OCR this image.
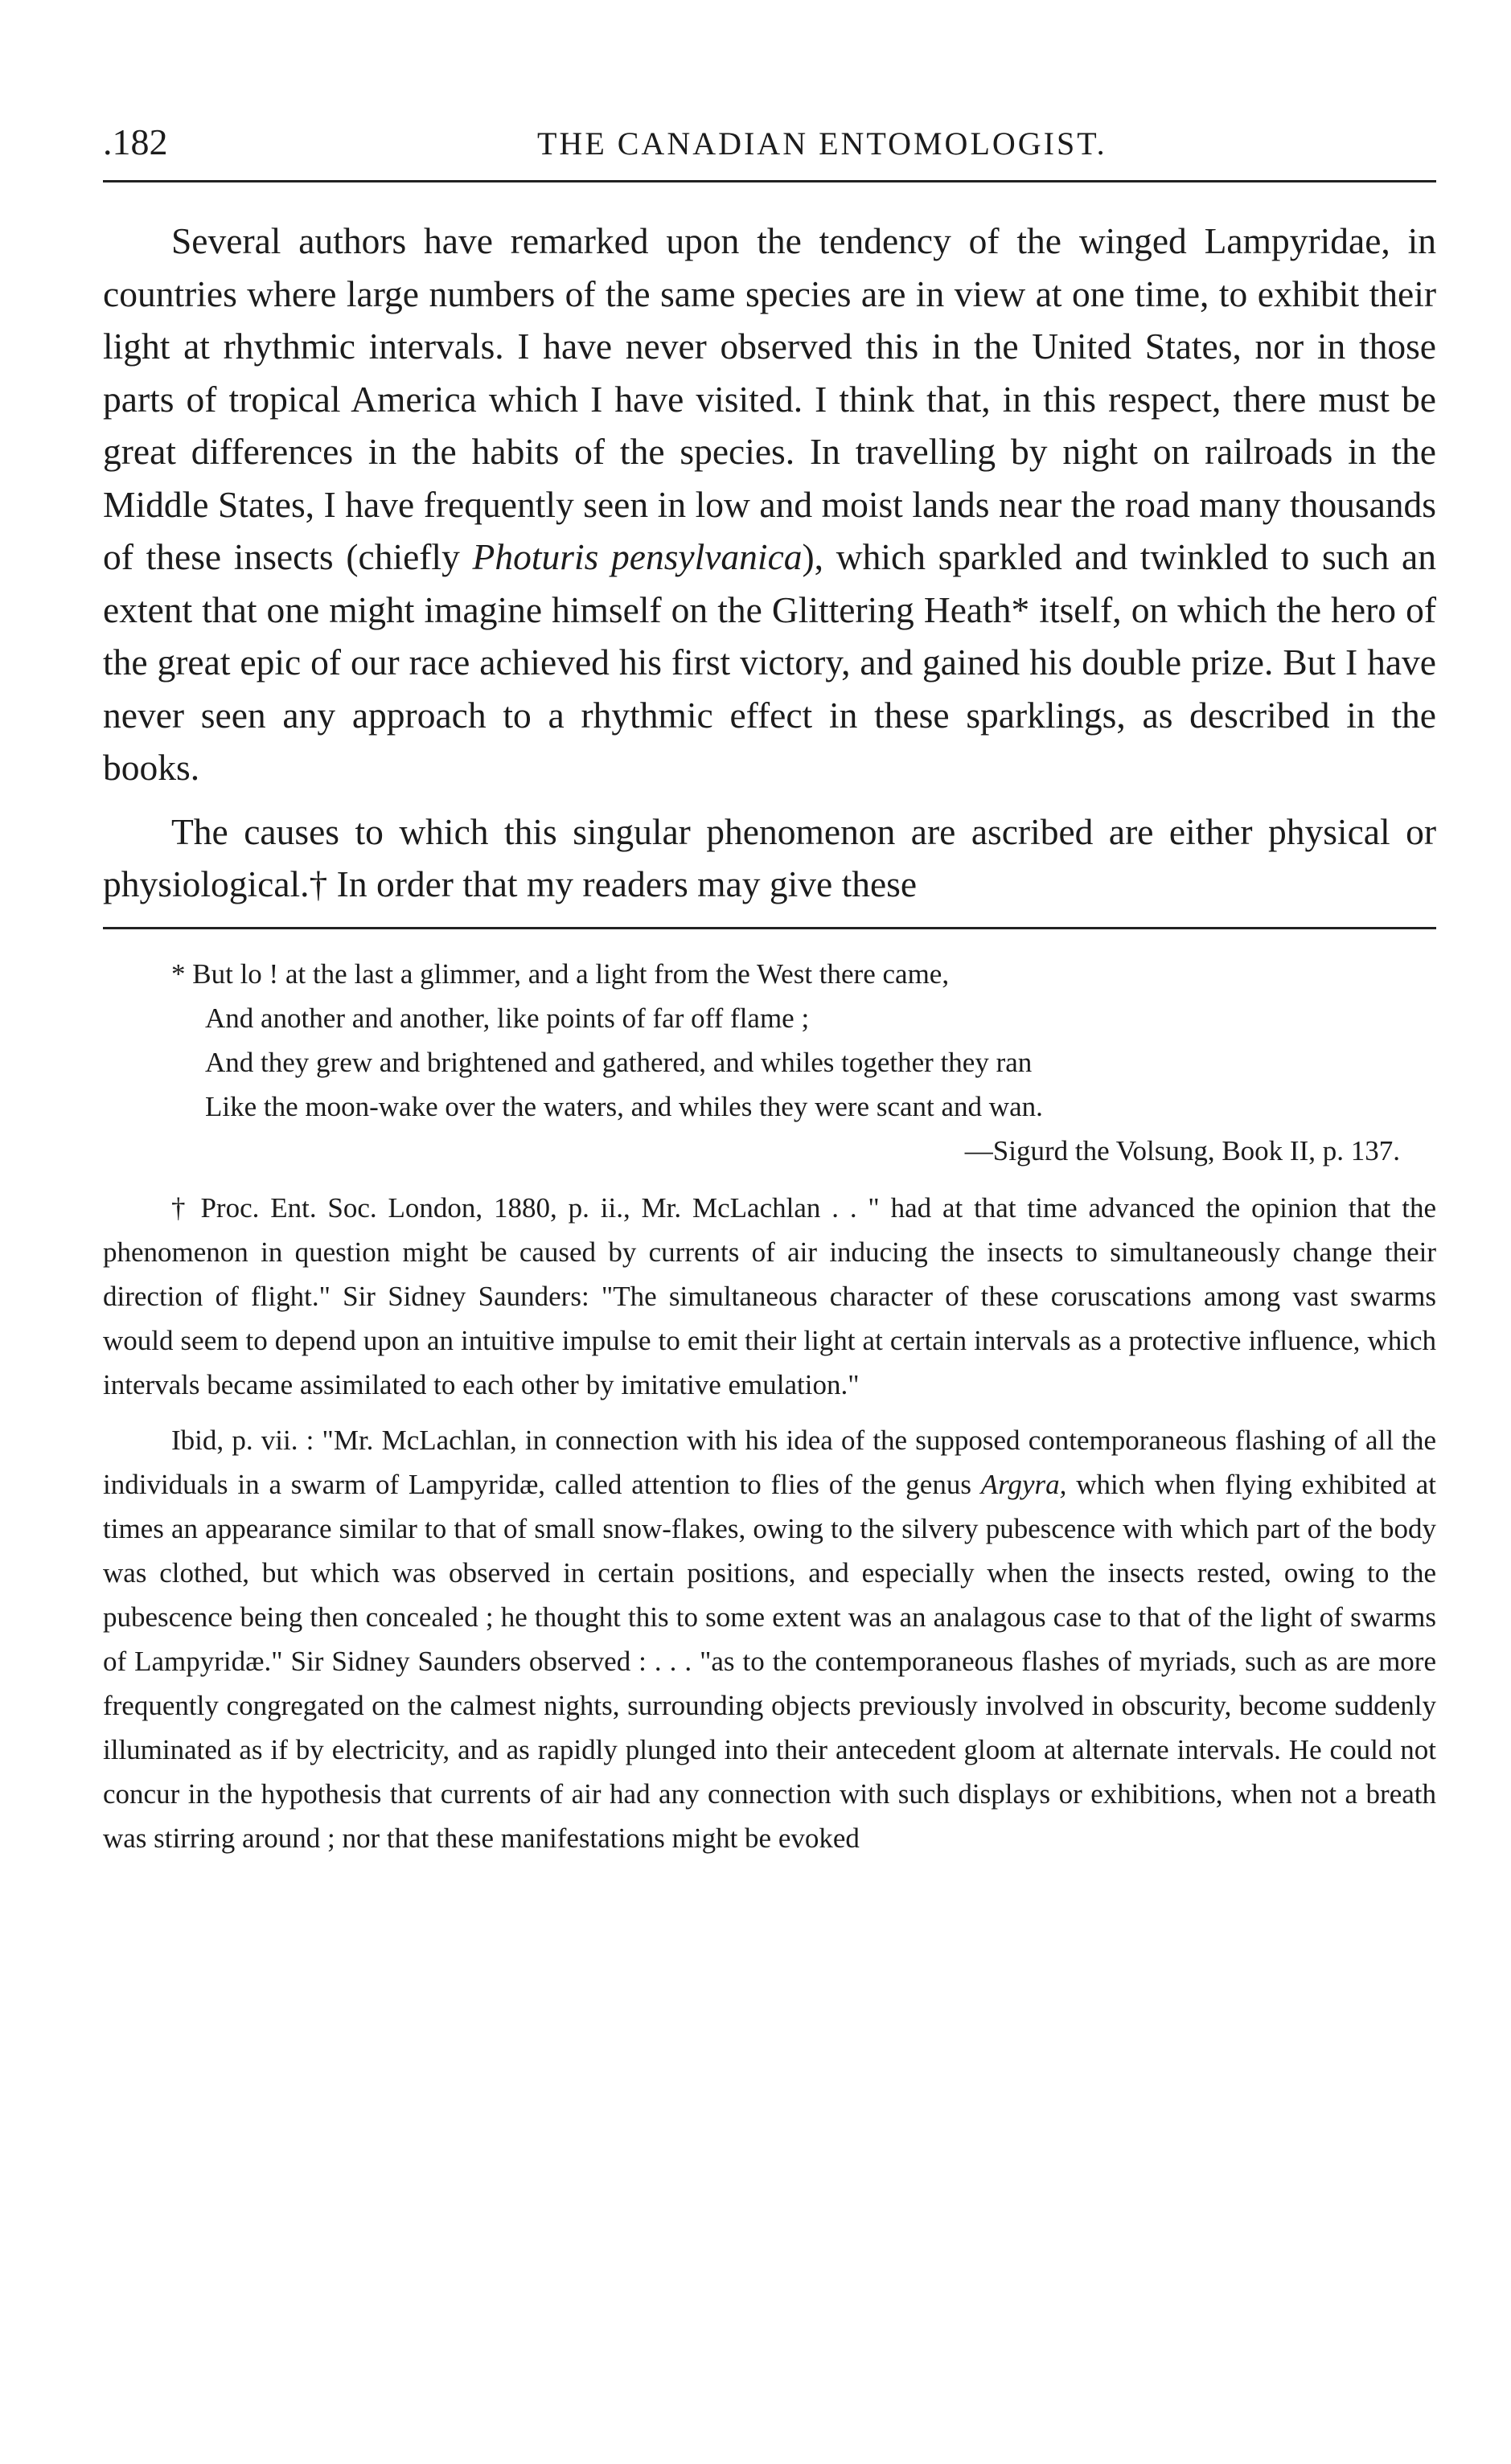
.182	THE CANADIAN ENTOMOLOGIST.

Several authors have remarked upon the tendency of the winged Lampyridae, in countries where large numbers of the same species are in view at one time, to exhibit their light at rhythmic intervals. I have never observed this in the United States, nor in those parts of tropical America which I have visited. I think that, in this respect, there must be great differences in the habits of the species. In travelling by night on railroads in the Middle States, I have frequently seen in low and moist lands near the road many thousands of these insects (chiefly Photuris pensylvanica), which sparkled and twinkled to such an extent that one might imagine himself on the Glittering Heath* itself, on which the hero of the great epic of our race achieved his first victory, and gained his double prize. But I have never seen any approach to a rhythmic effect in these sparklings, as described in the books.

The causes to which this singular phenomenon are ascribed are either physical or physiological.† In order that my readers may give these

* But lo ! at the last a glimmer, and a light from the West there came,
And another and another, like points of far off flame ;
And they grew and brightened and gathered, and whiles together they ran
Like the moon-wake over the waters, and whiles they were scant and wan.
—Sigurd the Volsung, Book II, p. 137.

† Proc. Ent. Soc. London, 1880, p. ii., Mr. McLachlan . . " had at that time advanced the opinion that the phenomenon in question might be caused by currents of air inducing the insects to simultaneously change their direction of flight." Sir Sidney Saunders: "The simultaneous character of these coruscations among vast swarms would seem to depend upon an intuitive impulse to emit their light at certain intervals as a protective influence, which intervals became assimilated to each other by imitative emulation."

Ibid, p. vii. : "Mr. McLachlan, in connection with his idea of the supposed contemporaneous flashing of all the individuals in a swarm of Lampyridæ, called attention to flies of the genus Argyra, which when flying exhibited at times an appearance similar to that of small snow-flakes, owing to the silvery pubescence with which part of the body was clothed, but which was observed in certain positions, and especially when the insects rested, owing to the pubescence being then concealed ; he thought this to some extent was an analagous case to that of the light of swarms of Lampyridæ." Sir Sidney Saunders observed : . . . "as to the contemporaneous flashes of myriads, such as are more frequently congregated on the calmest nights, surrounding objects previously involved in obscurity, become suddenly illuminated as if by electricity, and as rapidly plunged into their antecedent gloom at alternate intervals. He could not concur in the hypothesis that currents of air had any connection with such displays or exhibitions, when not a breath was stirring around ; nor that these manifestations might be evoked
